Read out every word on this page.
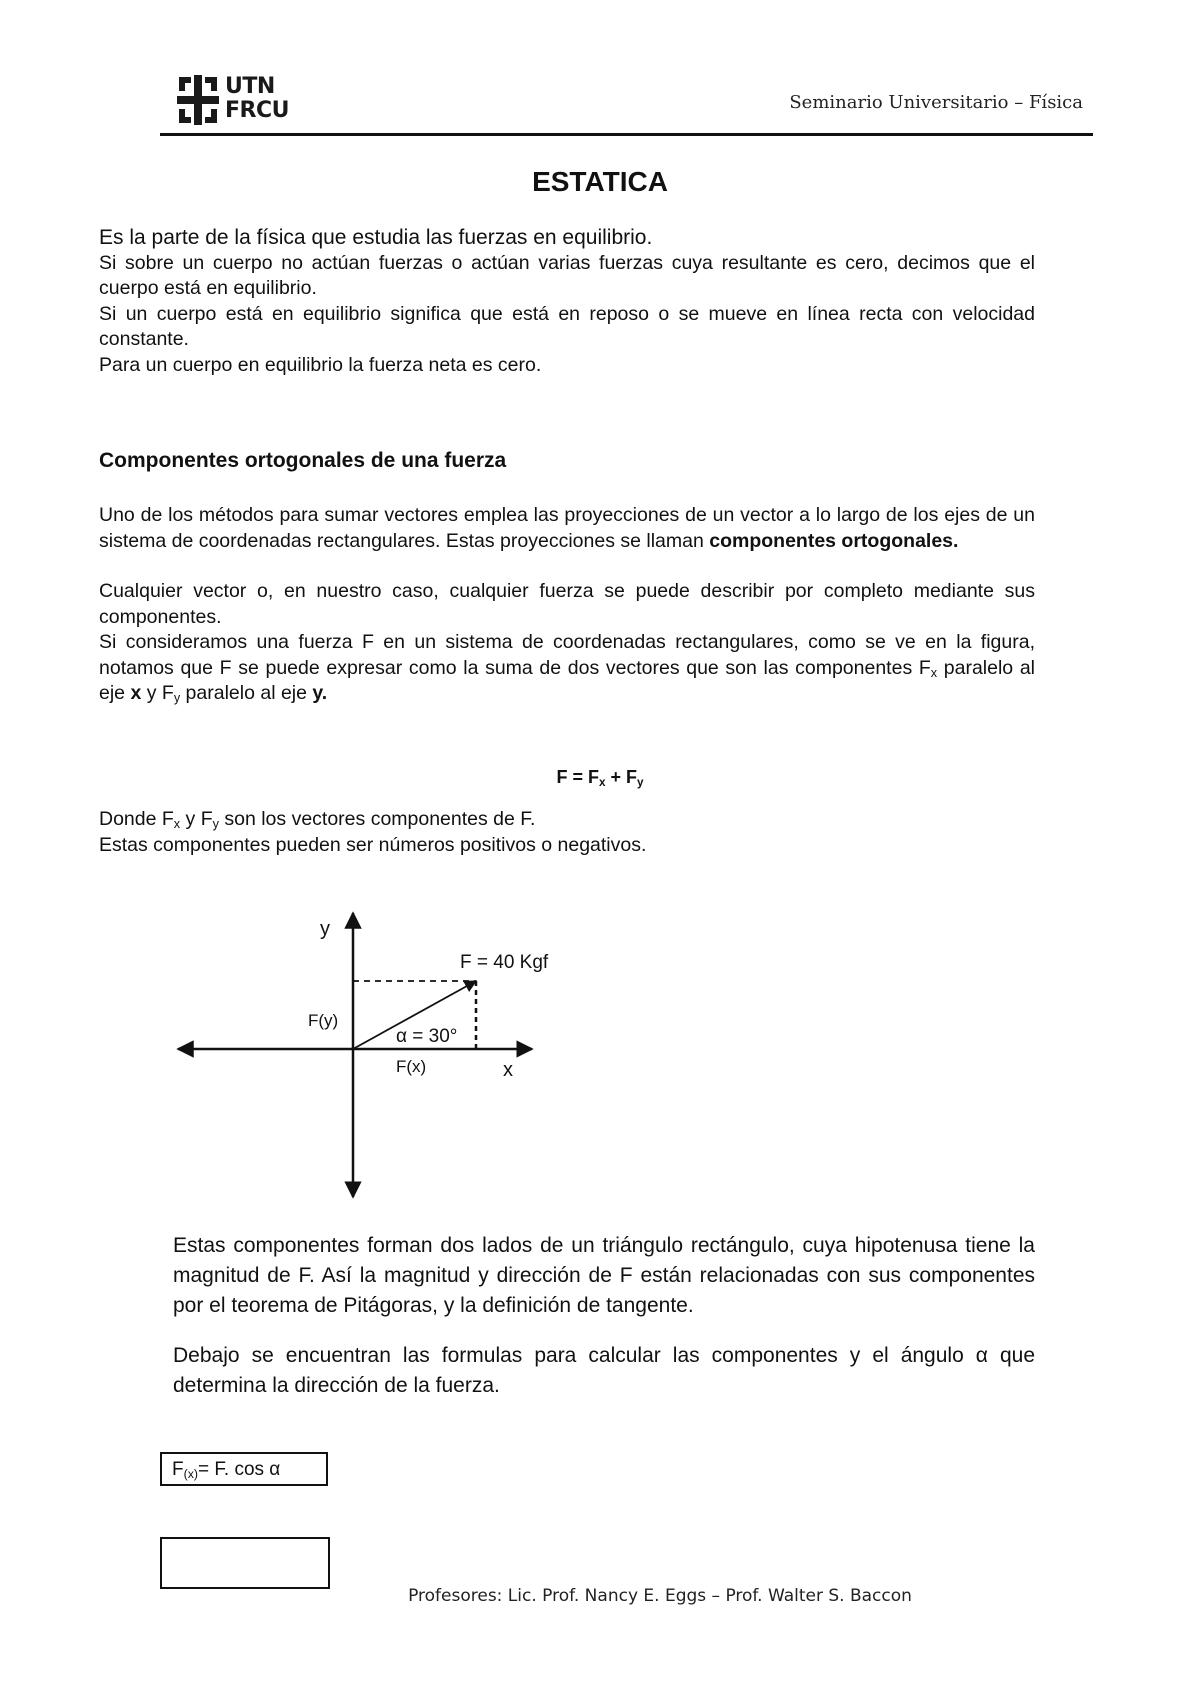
UTN
FRCU	Seminario Universitario – Física
ESTATICA

Es la parte de la física que estudia las fuerzas en equilibrio.

Si sobre un cuerpo no actúan fuerzas o actúan varias fuerzas cuya resultante es cero, decimos que el cuerpo está en equilibrio.

Si un cuerpo está en equilibrio significa que está en reposo o se mueve en línea recta con velocidad constante.

Para un cuerpo en equilibrio la fuerza neta es cero.

Componentes ortogonales de una fuerza

Uno de los métodos para sumar vectores emplea las proyecciones de un vector a lo largo de los ejes de un sistema de coordenadas rectangulares. Estas proyecciones se llaman componentes ortogonales.

Cualquier vector o, en nuestro caso, cualquier fuerza se puede describir por completo mediante sus componentes.

Si consideramos una fuerza F en un sistema de coordenadas rectangulares, como se ve en la figura, notamos que F se puede expresar como la suma de dos vectores que son las componentes $F_x$ paralelo al eje x y $F_y$ paralelo al eje y.

$F = F_x + F_y$

Donde $F_x$ y $F_y$ son los vectores componentes de F.

Estas componentes pueden ser números positivos o negativos.

y
x
F = 40 Kgf
F(y)
F(x)
α = 30°

Estas componentes forman dos lados de un triángulo rectángulo, cuya hipotenusa tiene la magnitud de F. Así la magnitud y dirección de F están relacionadas con sus componentes por el teorema de Pitágoras, y la definición de tangente.

Debajo se encuentran las formulas para calcular las componentes y el ángulo α que determina la dirección de la fuerza.

$F_{(x)}= F$. cos α
Profesores: Lic. Prof. Nancy E. Eggs – Prof. Walter S. Baccon
